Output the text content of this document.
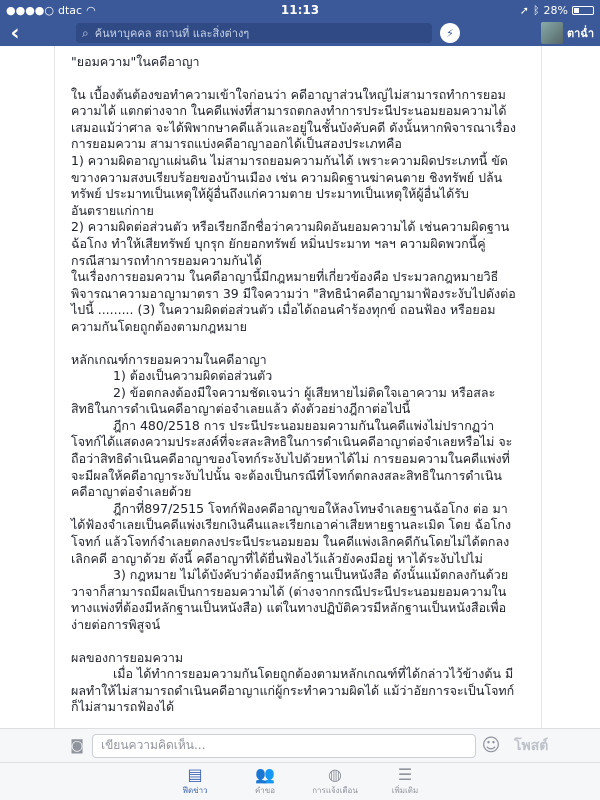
●●●●○ dtac ◠	11:13	➚ ᛒ 28%
‹	⌕ ค้นหาบุคคล สถานที่ และสิ่งต่างๆ	⚡	ตาฉ่ำ

"ยอมความ"ในคดีอาญา

ใน เบื้องต้นต้องขอทำความเข้าใจก่อนว่า คดีอาญาส่วนใหญ่ไม่สามารถทำการยอม

ความได้ แตกต่างจาก ในคดีแพ่งที่สามารถตกลงทำการประนีประนอมยอมความได้

เสมอแม้ว่าศาล จะได้พิพากษาคดีแล้วและอยู่ในชั้นบังคับคดี ดังนั้นหากพิจารณาเรื่อง

การยอมความ สามารถแบ่งคดีอาญาออกได้เป็นสองประเภทคือ

1) ความผิดอาญาแผ่นดิน ไม่สามารถยอมความกันได้ เพราะความผิดประเภทนี้ ขัด

ขวางความสงบเรียบร้อยของบ้านเมือง เช่น ความผิดฐานฆ่าคนตาย ชิงทรัพย์ ปล้น

ทรัพย์ ประมาทเป็นเหตุให้ผู้อื่นถึงแก่ความตาย ประมาทเป็นเหตุให้ผู้อื่นได้รับ

อันตรายแก่กาย

2) ความผิดต่อส่วนตัว หรือเรียกอีกชื่อว่าความผิดอันยอมความได้ เช่นความผิดฐาน

ฉ้อโกง ทำให้เสียทรัพย์ บุกรุก ยักยอกทรัพย์ หมิ่นประมาท ฯลฯ ความผิดพวกนี้คู่

กรณีสามารถทำการยอมความกันได้

ในเรื่องการยอมความ ในคดีอาญานี้มีกฎหมายที่เกี่ยวข้องคือ ประมวลกฎหมายวิธี

พิจารณาความอาญามาตรา 39 มีใจความว่า "สิทธินำคดีอาญามาฟ้องระงับไปดังต่อ

ไปนี้ ......... (3) ในความผิดต่อส่วนตัว เมื่อได้ถอนคำร้องทุกข์ ถอนฟ้อง หรือยอม

ความกันโดยถูกต้องตามกฎหมาย

หลักเกณฑ์การยอมความในคดีอาญา

1) ต้องเป็นความผิดต่อส่วนตัว

2) ข้อตกลงต้องมีใจความชัดเจนว่า ผู้เสียหายไม่ติดใจเอาความ หรือสละ

สิทธิในการดำเนินคดีอาญาต่อจำเลยแล้ว ดังตัวอย่างฎีกาต่อไปนี้

ฎีกา 480/2518 การ ประนีประนอมยอมความกันในคดีแพ่งไม่ปรากฏว่า

โจทก์ได้แสดงความประสงค์ที่จะสละสิทธิในการดำเนินคดีอาญาต่อจำเลยหรือไม่ จะ

ถือว่าสิทธิดำเนินคดีอาญาของโจทก์ระงับไปด้วยหาได้ไม่ การยอมความในคดีแพ่งที่

จะมีผลให้คดีอาญาระงับไปนั้น จะต้องเป็นกรณีที่โจทก์ตกลงสละสิทธิในการดำเนิน

คดีอาญาต่อจำเลยด้วย

ฎีกาที่897/2515 โจทก์ฟ้องคดีอาญาขอให้ลงโทษจำเลยฐานฉ้อโกง ต่อ มา

ได้ฟ้องจำเลยเป็นคดีแพ่งเรียกเงินคืนและเรียกเอาค่าเสียหายฐานละเมิด โดย ฉ้อโกง

โจทก์ แล้วโจทก์จำเลยตกลงประนีประนอมยอม ในคดีแพ่งเลิกคดีกันโดยไม่ได้ตกลง

เลิกคดี อาญาด้วย ดังนี้ คดีอาญาที่ได้ยื่นฟ้องไว้แล้วยังคงมีอยู่ หาได้ระงับไปไม่

3) กฎหมาย ไม่ได้บังคับว่าต้องมีหลักฐานเป็นหนังสือ ดังนั้นแม้ตกลงกันด้วย

วาจาก็สามารถมีผลเป็นการยอมความได้ (ต่างจากกรณีประนีประนอมยอมความใน

ทางแพ่งที่ต้องมีหลักฐานเป็นหนังสือ) แต่ในทางปฏิบัติควรมีหลักฐานเป็นหนังสือเพื่อ

ง่ายต่อการพิสูจน์

ผลของการยอมความ

เมื่อ ได้ทำการยอมความกันโดยถูกต้องตามหลักเกณฑ์ที่ได้กล่าวไว้ข้างต้น มี

ผลทำให้ไม่สามารถดำเนินคดีอาญาแก่ผู้กระทำความผิดได้ แม้ว่าอัยการจะเป็นโจทก์

ก็ไม่สามารถฟ้องได้

◙	เขียนความคิดเห็น...	☺ โพสต์
▤
ฟีดข่าว
👥
คำขอ
◍
การแจ้งเตือน
☰
เพิ่มเติม
